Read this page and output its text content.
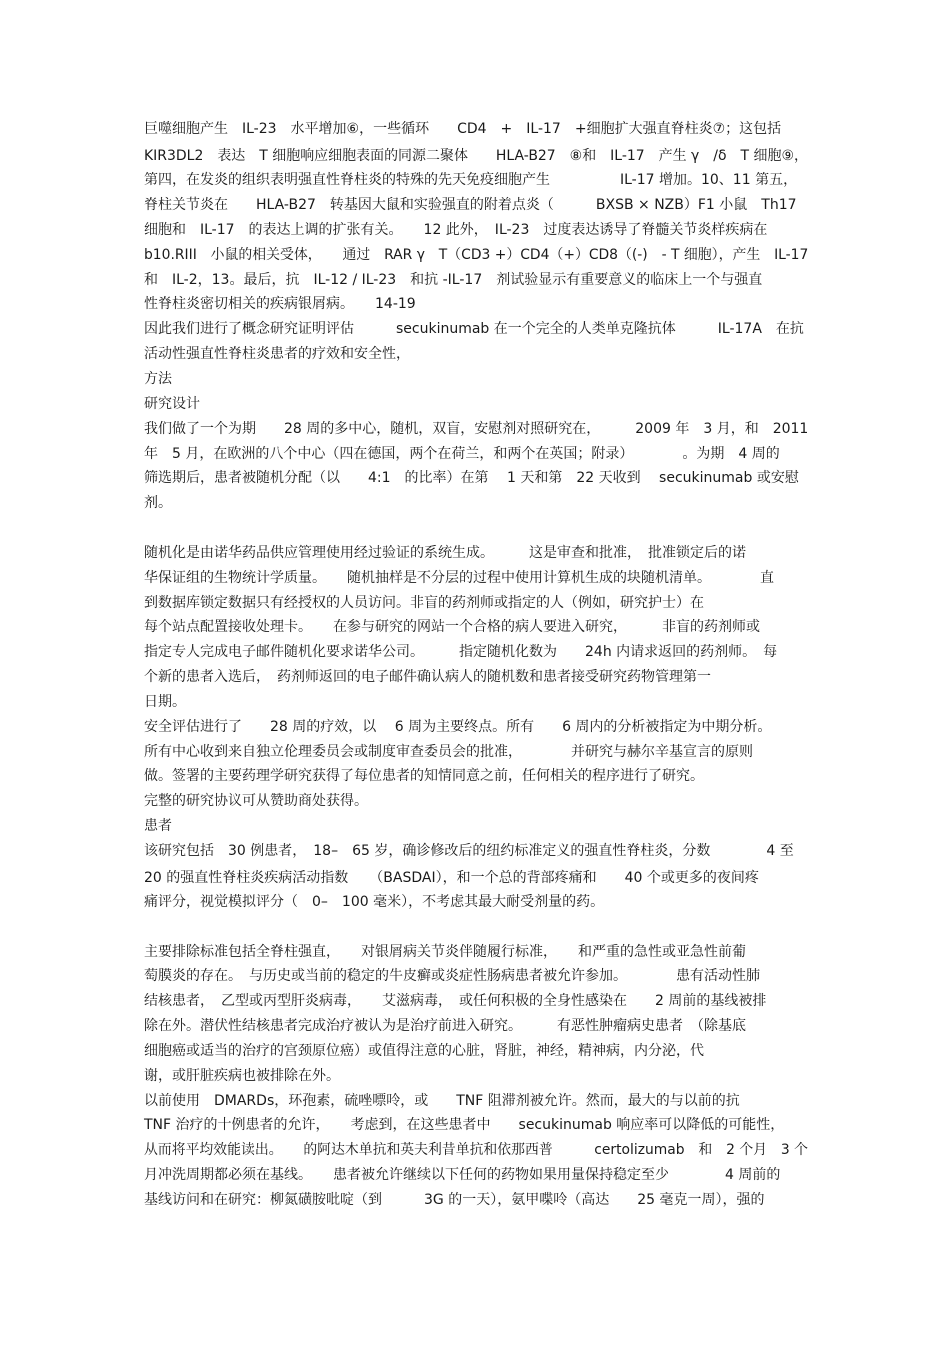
巨噬细胞产生　IL-23　水平增加⑥，一些循环　　CD4　+　IL-17　+细胞扩大强直脊柱炎⑦；这包括
KIR3DL2　表达　T 细胞响应细胞表面的同源二聚体　　HLA-B27　⑧和　IL-17　产生 γ　/δ　T 细胞⑨，
第四，在发炎的组织表明强直性脊柱炎的特殊的先天免疫细胞产生　　　　　IL-17 增加。10、11 第五，
脊柱关节炎在　　HLA-B27　转基因大鼠和实验强直的附着点炎（　　　BXSB × NZB）F1 小鼠　Th17
细胞和　IL-17　的表达上调的扩张有关。　　12 此外，　IL-23　过度表达诱导了脊髓关节炎样疾病在
b10.RIII　小鼠的相关受体，　　通过　RAR γ　T（CD3 +）CD4（+）CD8（(-)　- T 细胞），产生　IL-17
和　IL-2，13。最后，抗　IL-12 / IL-23　和抗 -IL-17　剂试验显示有重要意义的临床上一个与强直
性脊柱炎密切相关的疾病银屑病。　　14-19
因此我们进行了概念研究证明评估　　　secukinumab 在一个完全的人类单克隆抗体　　　IL-17A　在抗
活动性强直性脊柱炎患者的疗效和安全性，
方法
研究设计
我们做了一个为期　　28 周的多中心，随机，双盲，安慰剂对照研究在，　　　2009 年　3 月，和　2011
年　5 月，在欧洲的八个中心（四在德国，两个在荷兰，和两个在英国；附录）　　　　。为期　4 周的
筛选期后，患者被随机分配（以　　4:1　的比率）在第　 1 天和第　22 天收到　 secukinumab 或安慰
剂。
随机化是由诺华药品供应管理使用经过验证的系统生成。　　　这是审查和批准，　批准锁定后的诺
华保证组的生物统计学质量。　　随机抽样是不分层的过程中使用计算机生成的块随机清单。　　　　直
到数据库锁定数据只有经授权的人员访问。非盲的药剂师或指定的人（例如，研究护士）在
每个站点配置接收处理卡。　　在参与研究的网站一个合格的病人要进入研究，　　　非盲的药剂师或
指定专人完成电子邮件随机化要求诺华公司。　　　指定随机化数为　　24h 内请求返回的药剂师。　每
个新的患者入选后，　药剂师返回的电子邮件确认病人的随机数和患者接受研究药物管理第一
日期。
安全评估进行了　　28 周的疗效，以　 6 周为主要终点。所有　　6 周内的分析被指定为中期分析。
所有中心收到来自独立伦理委员会或制度审查委员会的批准，　　　　并研究与赫尔辛基宣言的原则
做。签署的主要药理学研究获得了每位患者的知情同意之前，任何相关的程序进行了研究。
完整的研究协议可从赞助商处获得。
患者
该研究包括　30 例患者，　18–　65 岁，确诊修改后的纽约标准定义的强直性脊柱炎，分数　　　　4 至
20 的强直性脊柱炎疾病活动指数　　（BASDAI），和一个总的背部疼痛和　　40 个或更多的夜间疼
痛评分，视觉模拟评分（　0–　100 毫米），不考虑其最大耐受剂量的药。
主要排除标准包括全脊柱强直，　　对银屑病关节炎伴随履行标准，　　和严重的急性或亚急性前葡
萄膜炎的存在。　与历史或当前的稳定的牛皮癣或炎症性肠病患者被允许参加。　　　　患有活动性肺
结核患者，　乙型或丙型肝炎病毒，　　艾滋病毒，　或任何积极的全身性感染在　　2 周前的基线被排
除在外。潜伏性结核患者完成治疗被认为是治疗前进入研究。　　　有恶性肿瘤病史患者　（除基底
细胞癌或适当的治疗的宫颈原位癌）或值得注意的心脏，肾脏，神经，精神病，内分泌，代
谢，或肝脏疾病也被排除在外。
以前使用　DMARDs，环孢素，硫唑嘌呤，或　　TNF 阻滞剂被允许。然而，最大的与以前的抗
TNF 治疗的十例患者的允许，　　考虑到，在这些患者中　　secukinumab 响应率可以降低的可能性，
从而将平均效能读出。　　的阿达木单抗和英夫利昔单抗和依那西普　　　certolizumab　和　2 个月　3 个
月冲洗周期都必须在基线。　　患者被允许继续以下任何的药物如果用量保持稳定至少　　　　4 周前的
基线访问和在研究：柳氮磺胺吡啶（到　　　3G 的一天），氨甲喋呤（高达　　25 毫克一周），强的
